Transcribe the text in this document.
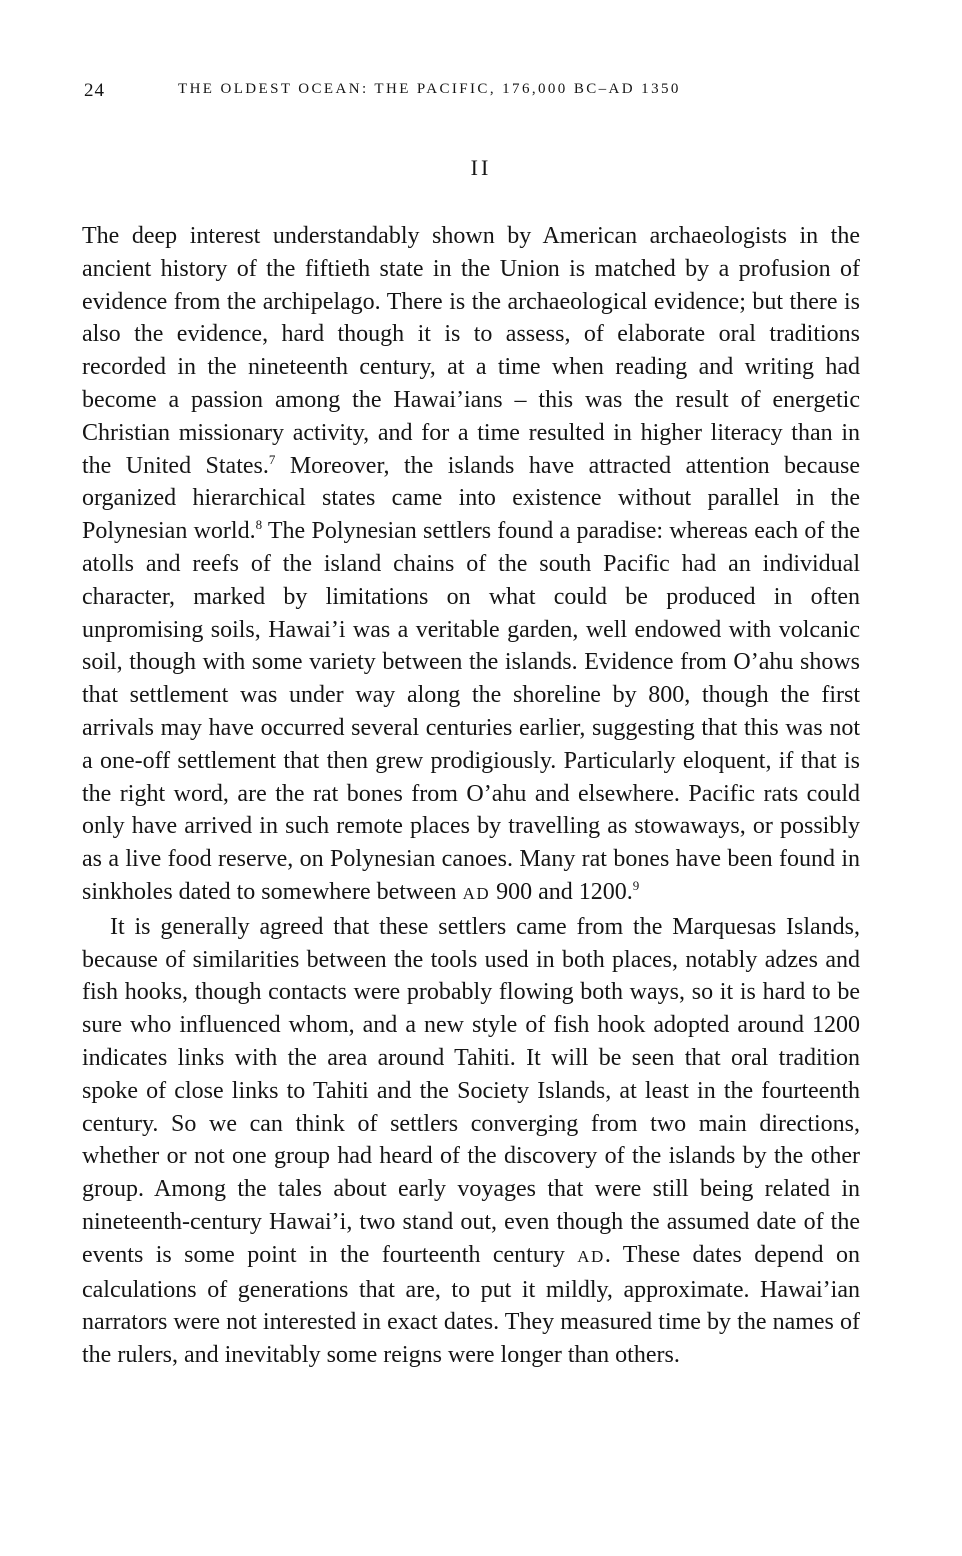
24	THE OLDEST OCEAN: THE PACIFIC, 176,000 BC–AD 1350
II

The deep interest understandably shown by American archaeologists in the ancient history of the fiftieth state in the Union is matched by a profusion of evidence from the archipelago. There is the archaeological evidence; but there is also the evidence, hard though it is to assess, of elaborate oral traditions recorded in the nineteenth century, at a time when reading and writing had become a passion among the Hawai’ians – this was the result of energetic Christian missionary activity, and for a time resulted in higher literacy than in the United States.$^7$ Moreover, the islands have attracted attention because organized hierarchical states came into existence without parallel in the Polynesian world.$^8$ The Polynesian settlers found a paradise: whereas each of the atolls and reefs of the island chains of the south Pacific had an individual character, marked by limitations on what could be produced in often unpromising soils, Hawai’i was a veritable garden, well endowed with volcanic soil, though with some variety between the islands. Evidence from O’ahu shows that settlement was under way along the shoreline by 800, though the first arrivals may have occurred several centuries earlier, suggesting that this was not a one-off settlement that then grew prodigiously. Particularly eloquent, if that is the right word, are the rat bones from O’ahu and elsewhere. Pacific rats could only have arrived in such remote places by travelling as stowaways, or possibly as a live food reserve, on Polynesian canoes. Many rat bones have been found in sinkholes dated to somewhere between AD 900 and 1200.$^9$

It is generally agreed that these settlers came from the Marquesas Islands, because of similarities between the tools used in both places, notably adzes and fish hooks, though contacts were probably flowing both ways, so it is hard to be sure who influenced whom, and a new style of fish hook adopted around 1200 indicates links with the area around Tahiti. It will be seen that oral tradition spoke of close links to Tahiti and the Society Islands, at least in the fourteenth century. So we can think of settlers converging from two main directions, whether or not one group had heard of the discovery of the islands by the other group. Among the tales about early voyages that were still being related in nineteenth-century Hawai’i, two stand out, even though the assumed date of the events is some point in the fourteenth century AD. These dates depend on calculations of generations that are, to put it mildly, approximate. Hawai’ian narrators were not interested in exact dates. They measured time by the names of the rulers, and inevitably some reigns were longer than others.
